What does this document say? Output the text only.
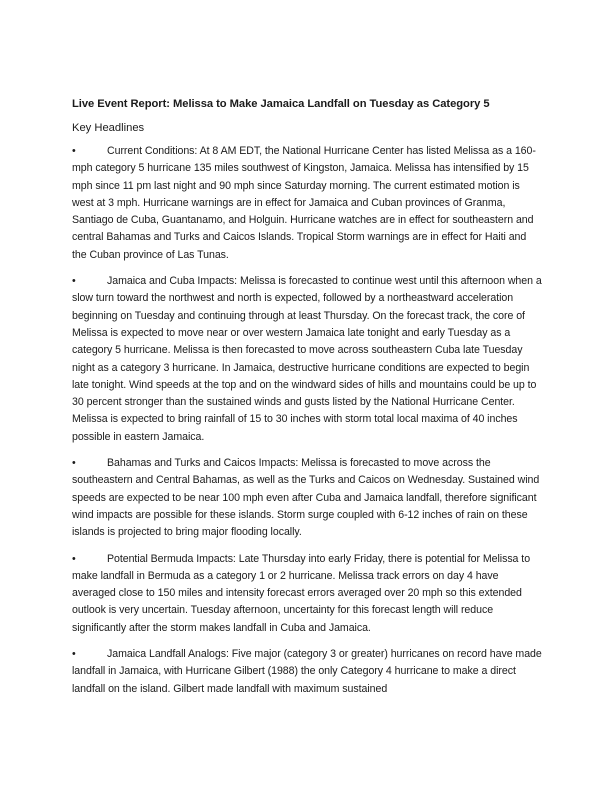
Live Event Report: Melissa to Make Jamaica Landfall on Tuesday as Category 5
Key Headlines
•	Current Conditions: At 8 AM EDT, the National Hurricane Center has listed Melissa as a 160-mph category 5 hurricane 135 miles southwest of Kingston, Jamaica. Melissa has intensified by 15 mph since 11 pm last night and 90 mph since Saturday morning. The current estimated motion is west at 3 mph. Hurricane warnings are in effect for Jamaica and Cuban provinces of Granma, Santiago de Cuba, Guantanamo, and Holguin. Hurricane watches are in effect for southeastern and central Bahamas and Turks and Caicos Islands. Tropical Storm warnings are in effect for Haiti and the Cuban province of Las Tunas.
•	Jamaica and Cuba Impacts: Melissa is forecasted to continue west until this afternoon when a slow turn toward the northwest and north is expected, followed by a northeastward acceleration beginning on Tuesday and continuing through at least Thursday. On the forecast track, the core of Melissa is expected to move near or over western Jamaica late tonight and early Tuesday as a category 5 hurricane. Melissa is then forecasted to move across southeastern Cuba late Tuesday night as a category 3 hurricane. In Jamaica, destructive hurricane conditions are expected to begin late tonight. Wind speeds at the top and on the windward sides of hills and mountains could be up to 30 percent stronger than the sustained winds and gusts listed by the National Hurricane Center. Melissa is expected to bring rainfall of 15 to 30 inches with storm total local maxima of 40 inches possible in eastern Jamaica.
•	Bahamas and Turks and Caicos Impacts: Melissa is forecasted to move across the southeastern and Central Bahamas, as well as the Turks and Caicos on Wednesday. Sustained wind speeds are expected to be near 100 mph even after Cuba and Jamaica landfall, therefore significant wind impacts are possible for these islands. Storm surge coupled with 6-12 inches of rain on these islands is projected to bring major flooding locally.
•	Potential Bermuda Impacts: Late Thursday into early Friday, there is potential for Melissa to make landfall in Bermuda as a category 1 or 2 hurricane. Melissa track errors on day 4 have averaged close to 150 miles and intensity forecast errors averaged over 20 mph so this extended outlook is very uncertain. Tuesday afternoon, uncertainty for this forecast length will reduce significantly after the storm makes landfall in Cuba and Jamaica.
•	Jamaica Landfall Analogs: Five major (category 3 or greater) hurricanes on record have made landfall in Jamaica, with Hurricane Gilbert (1988) the only Category 4 hurricane to make a direct landfall on the island. Gilbert made landfall with maximum sustained
